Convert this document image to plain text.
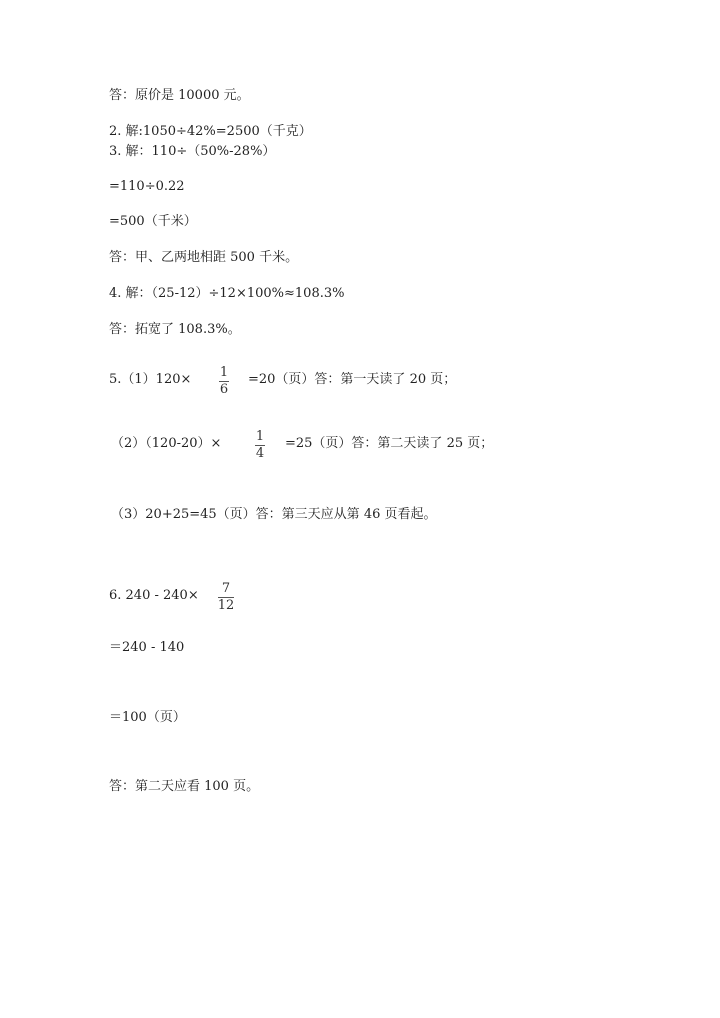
答：原价是 10000 元。
2. 解:1050÷42%=2500（千克）
3. 解：110÷（50%-28%）
=110÷0.22
=500（千米）
答：甲、乙两地相距 500 千米。
4. 解：（25-12）÷12×100%≈108.3%
答：拓宽了 108.3%。
5.（1）120× 1
6
=20（页）答：第一天读了 20 页；
（2）（120-20）×	1
4
=25（页）答：第二天读了 25 页；
（3）20+25=45（页）答：第三天应从第 46 页看起。
6. 240 - 240× 7
12
＝240 - 140
＝100（页）
答：第二天应看 100 页。
